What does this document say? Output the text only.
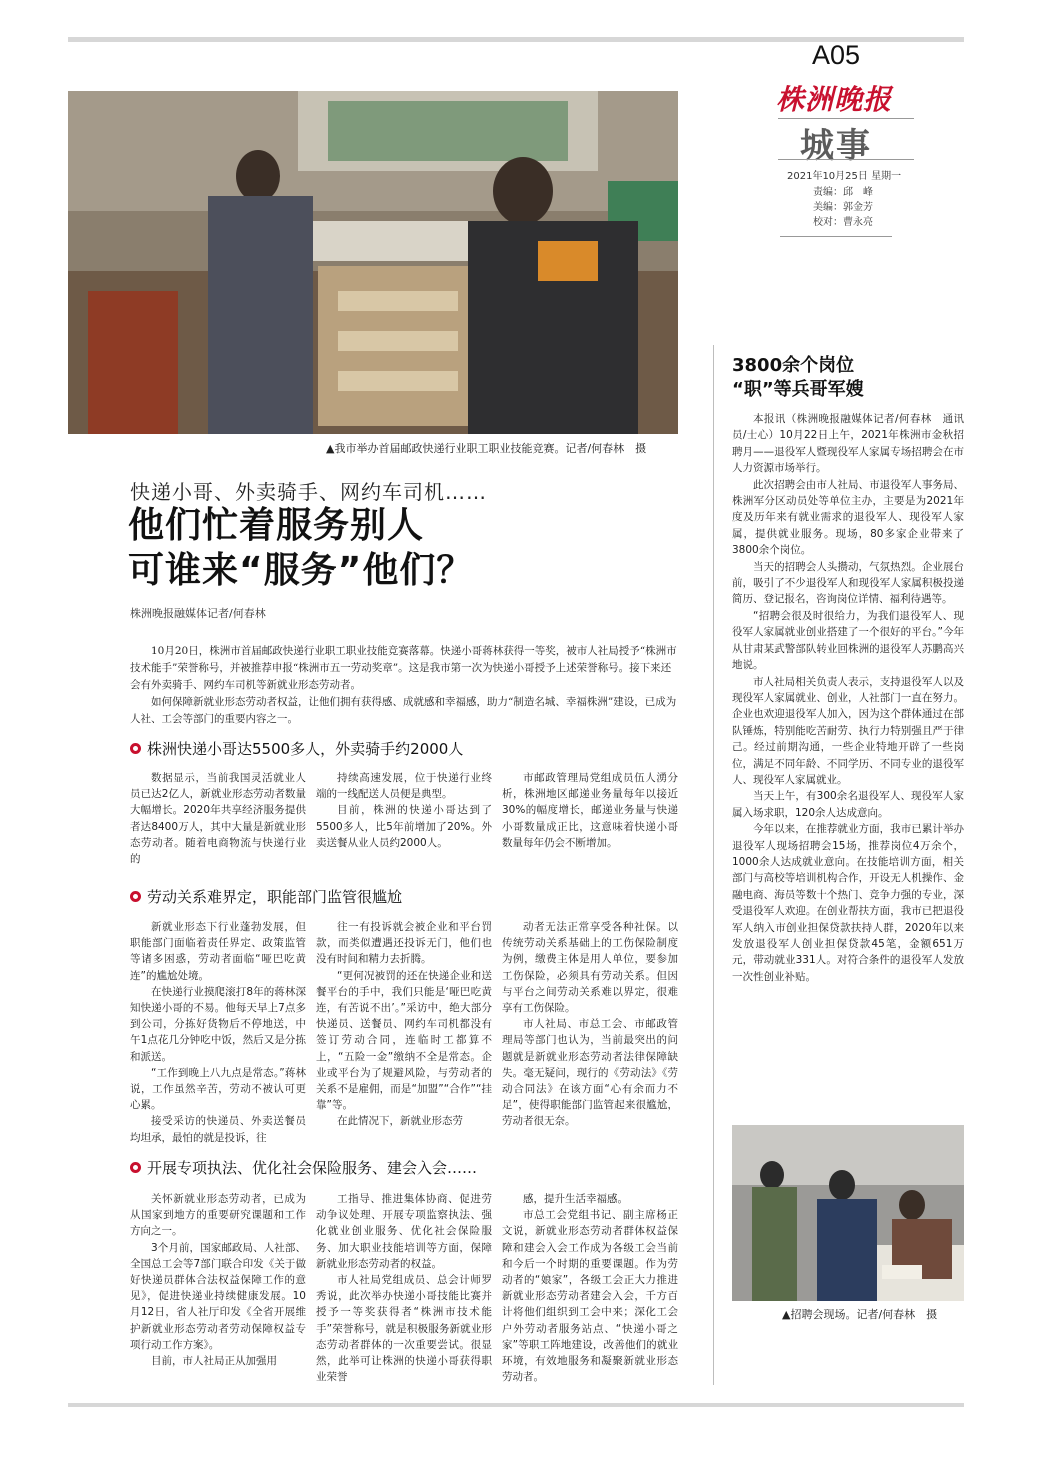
A05
株洲晚报
城事
2021年10月25日 星期一
责编：邱　峰
美编：郭金芳
校对：曹永亮
▲我市举办首届邮政快递行业职工职业技能竞赛。记者/何春林　摄
快递小哥、外卖骑手、网约车司机……
他们忙着服务别人
可谁来“服务”他们？
株洲晚报融媒体记者/何春林
10月20日，株洲市首届邮政快递行业职工职业技能竞赛落幕。快递小哥蒋林获得一等奖，被市人社局授予“株洲市技术能手”荣誉称号，并被推荐申报“株洲市五一劳动奖章”。这是我市第一次为快递小哥授予上述荣誉称号。接下来还会有外卖骑手、网约车司机等新就业形态劳动者。
如何保障新就业形态劳动者权益，让他们拥有获得感、成就感和幸福感，助力“制造名城、幸福株洲”建设，已成为人社、工会等部门的重要内容之一。
株洲快递小哥达5500多人，外卖骑手约2000人

数据显示，当前我国灵活就业人员已达2亿人，新就业形态劳动者数量大幅增长。2020年共享经济服务提供者达8400万人，其中大量是新就业形态劳动者。随着电商物流与快递行业的

持续高速发展，位于快递行业终端的一线配送人员便是典型。

目前，株洲的快递小哥达到了5500多人，比5年前增加了20%。外卖送餐从业人员约2000人。

市邮政管理局党组成员伍人湧分析，株洲地区邮递业务量每年以接近30%的幅度增长，邮递业务量与快递小哥数量成正比，这意味着快递小哥数量每年仍会不断增加。

劳动关系难界定，职能部门监管很尴尬

新就业形态下行业蓬勃发展，但职能部门面临着责任界定、政策监管等诸多困惑，劳动者面临“哑巴吃黄连”的尴尬处境。

在快递行业摸爬滚打8年的蒋林深知快递小哥的不易。他每天早上7点多到公司，分拣好货物后不停地送，中午1点花几分钟吃中饭，然后又是分拣和派送。

“工作到晚上八九点是常态。”蒋林说，工作虽然辛苦，劳动不被认可更心累。

接受采访的快递员、外卖送餐员均坦承，最怕的就是投诉，往

往一有投诉就会被企业和平台罚款，而类似遭遇还投诉无门，他们也没有时间和精力去折腾。

“更何况被罚的还在快递企业和送餐平台的手中，我们只能是‘哑巴吃黄连，有苦说不出’。”采访中，绝大部分快递员、送餐员、网约车司机都没有签订劳动合同，连临时工都算不上，“五险一金”缴纳不全是常态。企业或平台为了规避风险，与劳动者的关系不是雇佣，而是“加盟”“合作”“挂靠”等。

在此情况下，新就业形态劳

动者无法正常享受各种社保。以传统劳动关系基础上的工伤保险制度为例，缴费主体是用人单位，要参加工伤保险，必须具有劳动关系。但因与平台之间劳动关系难以界定，很难享有工伤保险。

市人社局、市总工会、市邮政管理局等部门也认为，当前最突出的问题就是新就业形态劳动者法律保障缺失。毫无疑问，现行的《劳动法》《劳动合同法》在该方面“心有余而力不足”，使得职能部门监管起来很尴尬，劳动者很无奈。

开展专项执法、优化社会保险服务、建会入会……

关怀新就业形态劳动者，已成为从国家到地方的重要研究课题和工作方向之一。

3个月前，国家邮政局、人社部、全国总工会等7部门联合印发《关于做好快递员群体合法权益保障工作的意见》，促进快递业持续健康发展。10月12日，省人社厅印发《全省开展维护新就业形态劳动者劳动保障权益专项行动工作方案》。

目前，市人社局正从加强用

工指导、推进集体协商、促进劳动争议处理、开展专项监察执法、强化就业创业服务、优化社会保险服务、加大职业技能培训等方面，保障新就业形态劳动者的权益。

市人社局党组成员、总会计师罗秀说，此次举办快递小哥技能比赛并授予一等奖获得者“株洲市技术能手”荣誉称号，就是积极服务新就业形态劳动者群体的一次重要尝试。很显然，此举可让株洲的快递小哥获得职业荣誉

感，提升生活幸福感。

市总工会党组书记、副主席杨正文说，新就业形态劳动者群体权益保障和建会入会工作成为各级工会当前和今后一个时期的重要课题。作为劳动者的“娘家”，各级工会正大力推进新就业形态劳动者建会入会，千方百计将他们组织到工会中来；深化工会户外劳动者服务站点、“快递小哥之家”等职工阵地建设，改善他们的就业环境，有效地服务和凝聚新就业形态劳动者。

3800余个岗位
“职”等兵哥军嫂

本报讯（株洲晚报融媒体记者/何春林　通讯员/士心）10月22日上午，2021年株洲市金秋招聘月——退役军人暨现役军人家属专场招聘会在市人力资源市场举行。

此次招聘会由市人社局、市退役军人事务局、株洲军分区动员处等单位主办，主要是为2021年度及历年来有就业需求的退役军人、现役军人家属，提供就业服务。现场，80多家企业带来了3800余个岗位。

当天的招聘会人头攒动，气氛热烈。企业展台前，吸引了不少退役军人和现役军人家属积极投递简历、登记报名，咨询岗位详情、福利待遇等。

“招聘会很及时很给力，为我们退役军人、现役军人家属就业创业搭建了一个很好的平台。”今年从甘肃某武警部队转业回株洲的退役军人苏鹏高兴地说。

市人社局相关负责人表示，支持退役军人以及现役军人家属就业、创业，人社部门一直在努力。企业也欢迎退役军人加入，因为这个群体通过在部队锤炼，特别能吃苦耐劳、执行力特别强且严于律己。经过前期沟通，一些企业特地开辟了一些岗位，满足不同年龄、不同学历、不同专业的退役军人、现役军人家属就业。

当天上午，有300余名退役军人、现役军人家属入场求职，120余人达成意向。

今年以来，在推荐就业方面，我市已累计举办退役军人现场招聘会15场，推荐岗位4万余个，1000余人达成就业意向。在技能培训方面，相关部门与高校等培训机构合作，开设无人机操作、金融电商、海员等数十个热门、竞争力强的专业，深受退役军人欢迎。在创业帮扶方面，我市已把退役军人纳入市创业担保贷款扶持人群，2020年以来发放退役军人创业担保贷款45笔，金额651万元，带动就业331人。对符合条件的退役军人发放一次性创业补贴。

▲招聘会现场。记者/何春林　摄
